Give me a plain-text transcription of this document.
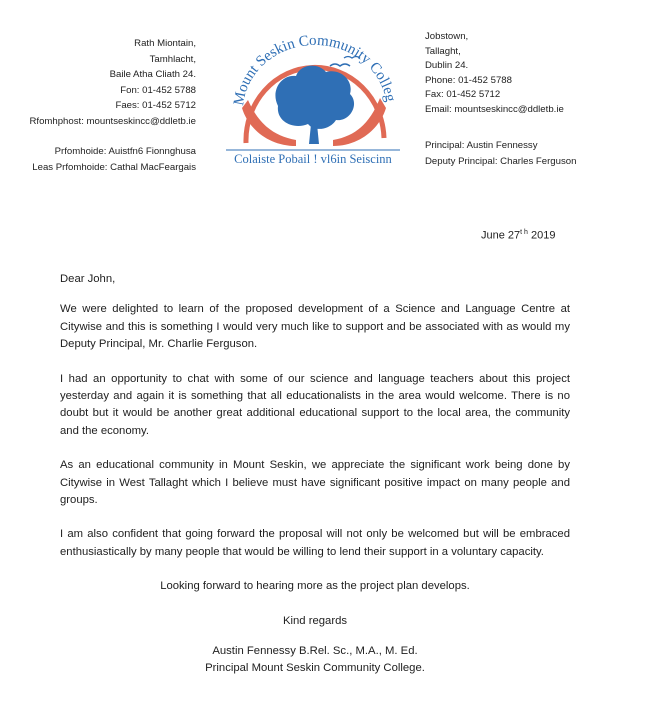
Rath Miontain,
Tamhlacht,
Baile Atha Cliath 24.
Fon: 01-452 5788
Faes: 01-452 5712
Rfomhphost: mountseskincc@ddletb.ie
Prfomhoide: Auistfn6 Fionnghusa
Leas Prfomhoide: Cathal MacFeargais
Mount Seskin Community Colleg
Colaiste Pobail ! vl6in Seiscinn
Jobstown,
Tallaght,
Dublin 24.
Phone: 01-452 5788
Fax: 01-452 5712
Email: mountseskincc@ddletb.ie
Principal: Austin Fennessy
Deputy Principal: Charles Ferguson
June $27^{t h}$ 2019

Dear John,

We were delighted to learn of the proposed development of a Science and Language Centre at Citywise and this is something I would very much like to support and be associated with as would my Deputy Principal, Mr. Charlie Ferguson.

I had an opportunity to chat with some of our science and language teachers about this project yesterday and again it is something that all educationalists in the area would welcome. There is no doubt but it would be another great additional educational support to the local area, the community and the economy.

As an educational community in Mount Seskin, we appreciate the significant work being done by Citywise in West Tallaght which I believe must have significant positive impact on many people and groups.

I am also confident that going forward the proposal will not only be welcomed but will be embraced enthusiastically by many people that would be willing to lend their support in a voluntary capacity.

Looking forward to hearing more as the project plan develops.

Kind regards

Austin Fennessy B.Rel. Sc., M.A., M. Ed.

Principal Mount Seskin Community College.
